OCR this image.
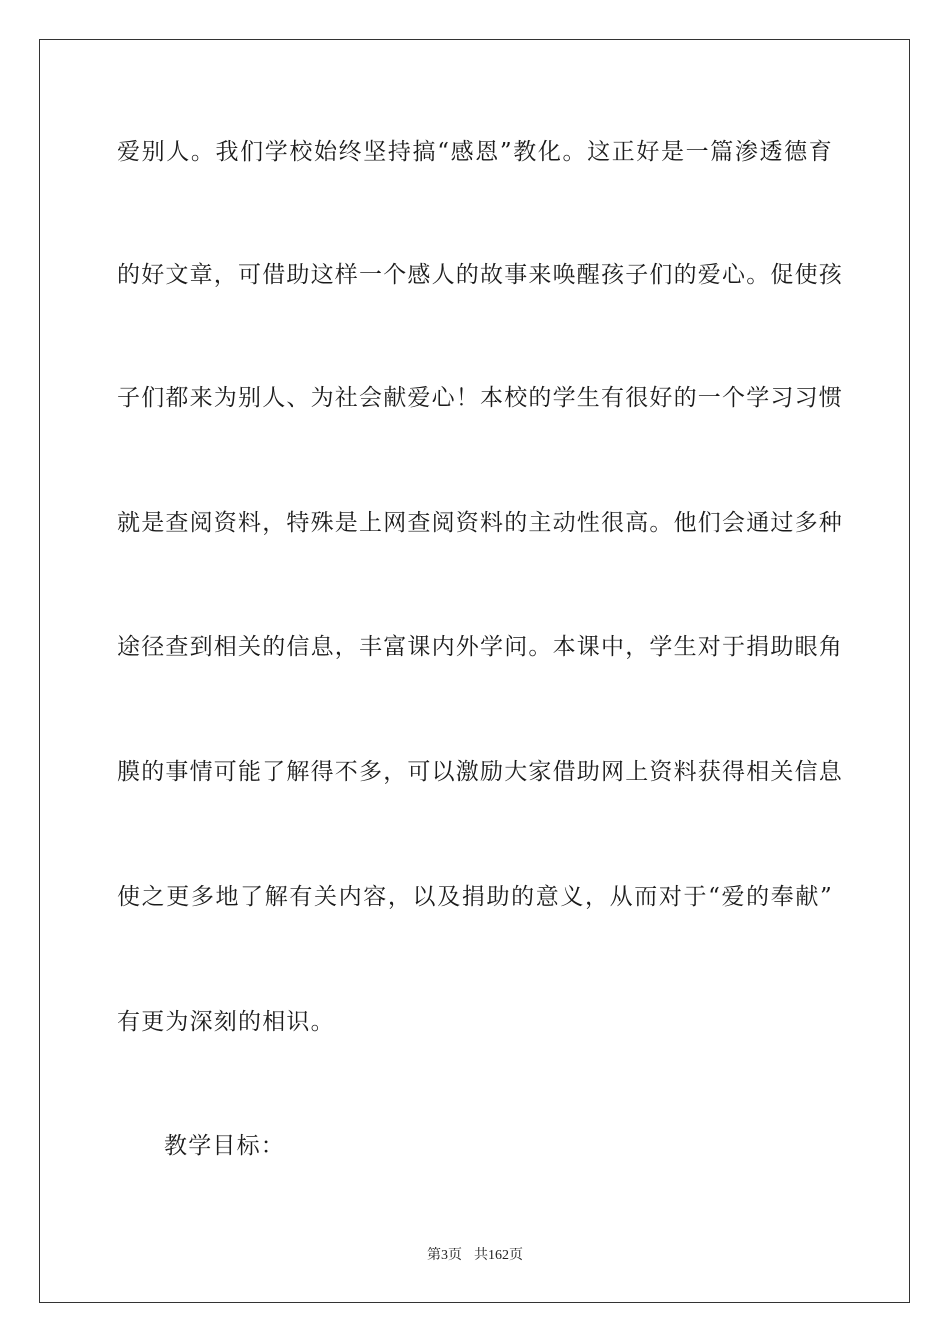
爱别人。我们学校始终坚持搞“感恩”教化。这正好是一篇渗透德育
的好文章，可借助这样一个感人的故事来唤醒孩子们的爱心。促使孩
子们都来为别人、为社会献爱心！本校的学生有很好的一个学习习惯
就是查阅资料，特殊是上网查阅资料的主动性很高。他们会通过多种
途径查到相关的信息，丰富课内外学问。本课中，学生对于捐助眼角
膜的事情可能了解得不多，可以激励大家借助网上资料获得相关信息
使之更多地了解有关内容，以及捐助的意义，从而对于“爱的奉献”
有更为深刻的相识。
教学目标：
第3页 共162页
